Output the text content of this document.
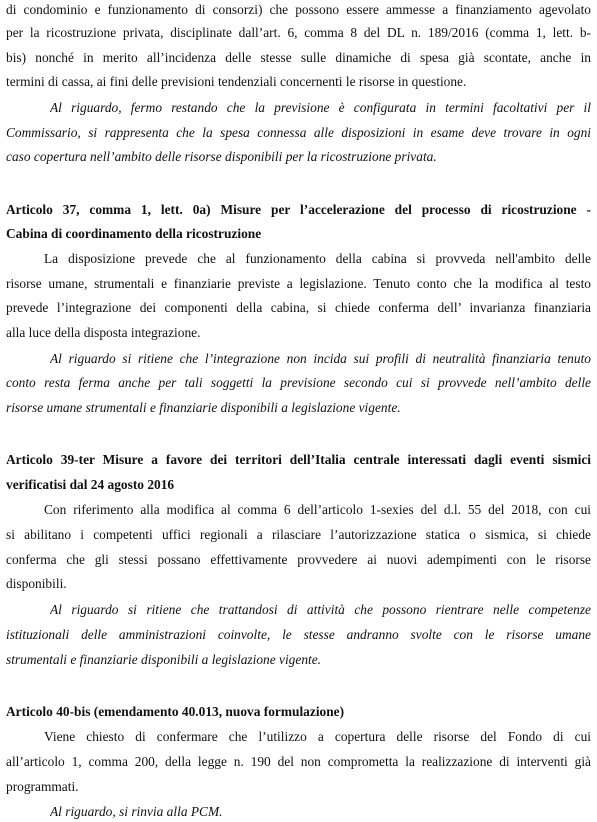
di condominio e funzionamento di consorzi) che possono essere ammesse a finanziamento agevolato
per la ricostruzione privata, disciplinate dall’art. 6, comma 8 del DL n. 189/2016 (comma 1, lett. b-
bis) nonché in merito all’incidenza delle stesse sulle dinamiche di spesa già scontate, anche in
termini di cassa, ai fini delle previsioni tendenziali concernenti le risorse in questione.
Al riguardo, fermo restando che la previsione è configurata in termini facoltativi per il
Commissario, si rappresenta che la spesa connessa alle disposizioni in esame deve trovare in ogni
caso copertura nell’ambito delle risorse disponibili per la ricostruzione privata.
Articolo 37, comma 1, lett. 0a) Misure per l’accelerazione del processo di ricostruzione -
Cabina di coordinamento della ricostruzione
La disposizione prevede che al funzionamento della cabina si provveda nell'ambito delle
risorse umane, strumentali e finanziarie previste a legislazione. Tenuto conto che la modifica al testo
prevede l’integrazione dei componenti della cabina, si chiede conferma dell’ invarianza finanziaria
alla luce della disposta integrazione.
Al riguardo si ritiene che l’integrazione non incida sui profili di neutralità finanziaria tenuto
conto resta ferma anche per tali soggetti la previsione secondo cui si provvede nell’ambito delle
risorse umane strumentali e finanziarie disponibili a legislazione vigente.
Articolo 39-ter Misure a favore dei territori dell’Italia centrale interessati dagli eventi sismici
verificatisi dal 24 agosto 2016
Con riferimento alla modifica al comma 6 dell’articolo 1-sexies del d.l. 55 del 2018, con cui
si abilitano i competenti uffici regionali a rilasciare l’autorizzazione statica o sismica, si chiede
conferma che gli stessi possano effettivamente provvedere ai nuovi adempimenti con le risorse
disponibili.
Al riguardo si ritiene che trattandosi di attività che possono rientrare nelle competenze
istituzionali delle amministrazioni coinvolte, le stesse andranno svolte con le risorse umane
strumentali e finanziarie disponibili a legislazione vigente.
Articolo 40-bis (emendamento 40.013, nuova formulazione)
Viene chiesto di confermare che l’utilizzo a copertura delle risorse del Fondo di cui
all’articolo 1, comma 200, della legge n. 190 del non comprometta la realizzazione di interventi già
programmati.
Al riguardo, si rinvia alla PCM.
